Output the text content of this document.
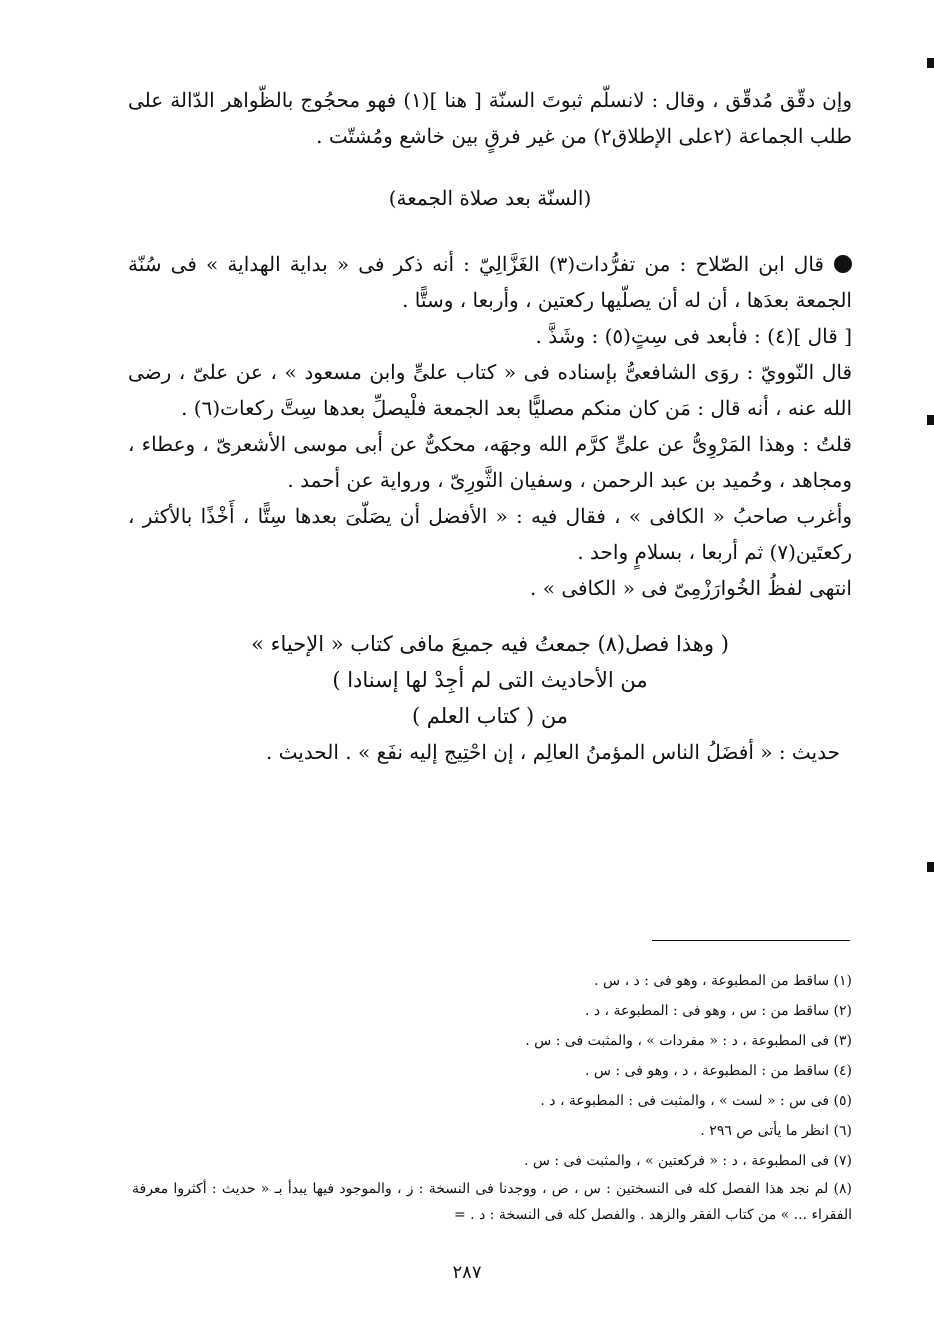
وإن دقّق مُدقّق ، وقال : لانسلّم ثبوتَ السنّة [ هنا ](١) فهو محجُوج بالظّواهر الدّالة على طلب الجماعة (٢على الإطلاق٢) من غير فرقٍ بين خاشع ومُشتّت .

(السنّة بعد صلاة الجمعة)

قال ابن الصّلاح : من تفرُّدات(٣) الغَزَّالِيّ : أنه ذكر فى « بداية الهداية » فى سُنّة الجمعة بعدَها ، أن له أن يصلّيها ركعتين ، وأربعا ، وستًّا .

[ قال ](٤) : فأبعد فى سِتٍ(٥) : وشَذَّ .

قال النّوويّ : روَى الشافعىُّ بإسناده فى « كتاب علىٍّ وابن مسعود » ، عن علىّ ، رضى الله عنه ، أنه قال : مَن كان منكم مصليًّا بعد الجمعة فلْيصلِّ بعدها سِتَّ ركعات(٦) .

قلتُ : وهذا المَرْوِىُّ عن علىٍّ كرَّم الله وجهَه، محكىٌّ عن أبى موسى الأشعرىّ ، وعطاء ، ومجاهد ، وحُميد بن عبد الرحمن ، وسفيان الثَّورِىّ ، ورواية عن أحمد .

وأغرب صاحبُ « الكافى » ، فقال فيه : « الأفضل أن يصَلّىَ بعدها سِتًّا ، أَخْذًا بالأكثر ، ركعتَين(٧) ثم أربعا ، بسلامٍ واحد .

انتهى لفظُ الخُوارَزْمِىّ فى « الكافى » .

( وهذا فصل(٨) جمعتُ فيه جميعَ مافى كتاب « الإحياء »
من الأحاديث التى لم أجِدْ لها إسنادا )
من ( كتاب العلم )

حديث : « أفضَلُ الناس المؤمنُ العالِم ، إن احْتِيج إليه نفَع » . الحديث .

(١) ساقط من المطبوعة ، وهو فى : د ، س .

(٢) ساقط من : س ، وهو فى : المطبوعة ، د .

(٣) فى المطبوعة ، د : « مفردات » ، والمثبت فى : س .

(٤) ساقط من : المطبوعة ، د ، وهو فى : س .

(٥) فى س : « لست » ، والمثبت فى : المطبوعة ، د .

(٦) انظر ما يأتى ص ٢٩٦ .

(٧) فى المطبوعة ، د : « فركعتين » ، والمثبت فى : س .

(٨) لم نجد هذا الفصل كله فى النسختين : س ، ص ، ووجدنا فى النسخة : ز ، والموجود فيها يبدأ بـ « حديث : أكثروا معرفة الفقراء ... » من كتاب الفقر والزهد . والفصل كله فى النسخة : د . =

٢٨٧
